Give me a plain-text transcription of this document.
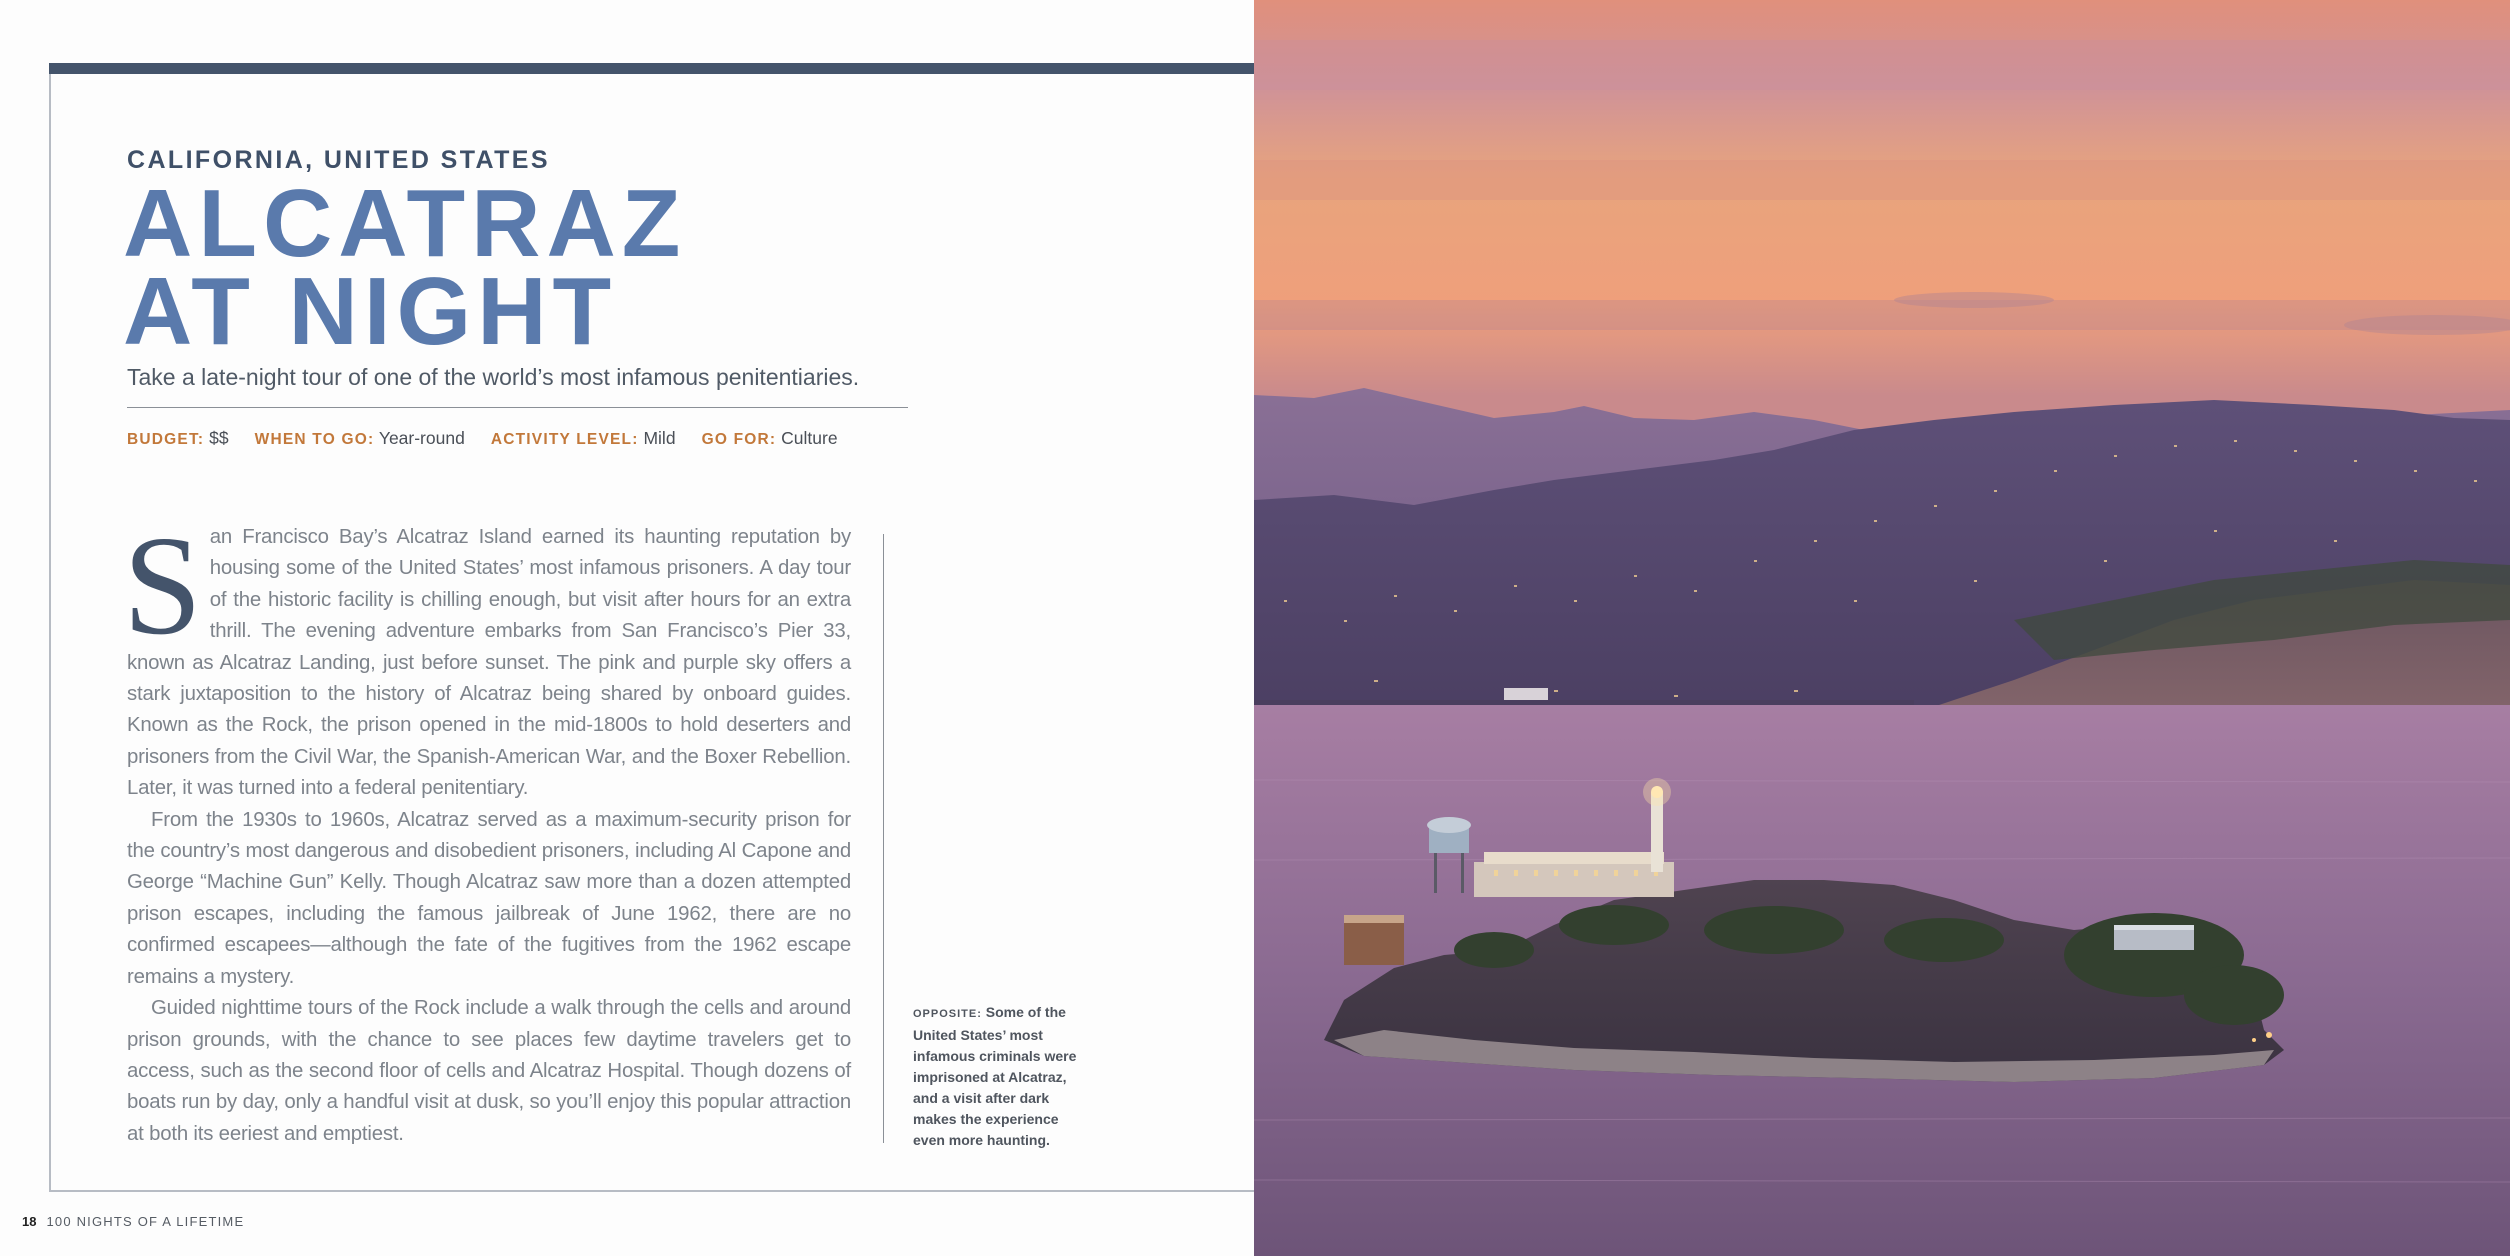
CALIFORNIA, UNITED STATES
ALCATRAZ
AT NIGHT
Take a late-night tour of one of the world’s most infamous penitentiaries.
BUDGET: $$ WHEN TO GO: Year-round ACTIVITY LEVEL: Mild GO FOR: Culture

San Francisco Bay’s Alcatraz Island earned its haunting reputation by housing some of the United States’ most infamous prisoners. A day tour of the historic facility is chilling enough, but visit after hours for an extra thrill. The evening adventure embarks from San Francisco’s Pier 33, known as Alcatraz Landing, just before sunset. The pink and purple sky offers a stark juxtaposition to the history of Alcatraz being shared by onboard guides. Known as the Rock, the prison opened in the mid-1800s to hold deserters and prisoners from the Civil War, the Spanish-American War, and the Boxer Rebellion. Later, it was turned into a federal penitentiary.

From the 1930s to 1960s, Alcatraz served as a maximum-security prison for the country’s most dangerous and disobedient prisoners, including Al Capone and George “Machine Gun” Kelly. Though Alcatraz saw more than a dozen attempted prison escapes, including the famous jailbreak of June 1962, there are no confirmed escapees—although the fate of the fugitives from the 1962 escape remains a mystery.

Guided nighttime tours of the Rock include a walk through the cells and around prison grounds, with the chance to see places few daytime travelers get to access, such as the second floor of cells and Alcatraz Hospital. Though dozens of boats run by day, only a handful visit at dusk, so you’ll enjoy this popular attraction at both its eeriest and emptiest.

OPPOSITE: Some of the United States’ most infamous criminals were imprisoned at Alcatraz, and a visit after dark makes the experience even more haunting.
18 100 NIGHTS OF A LIFETIME
